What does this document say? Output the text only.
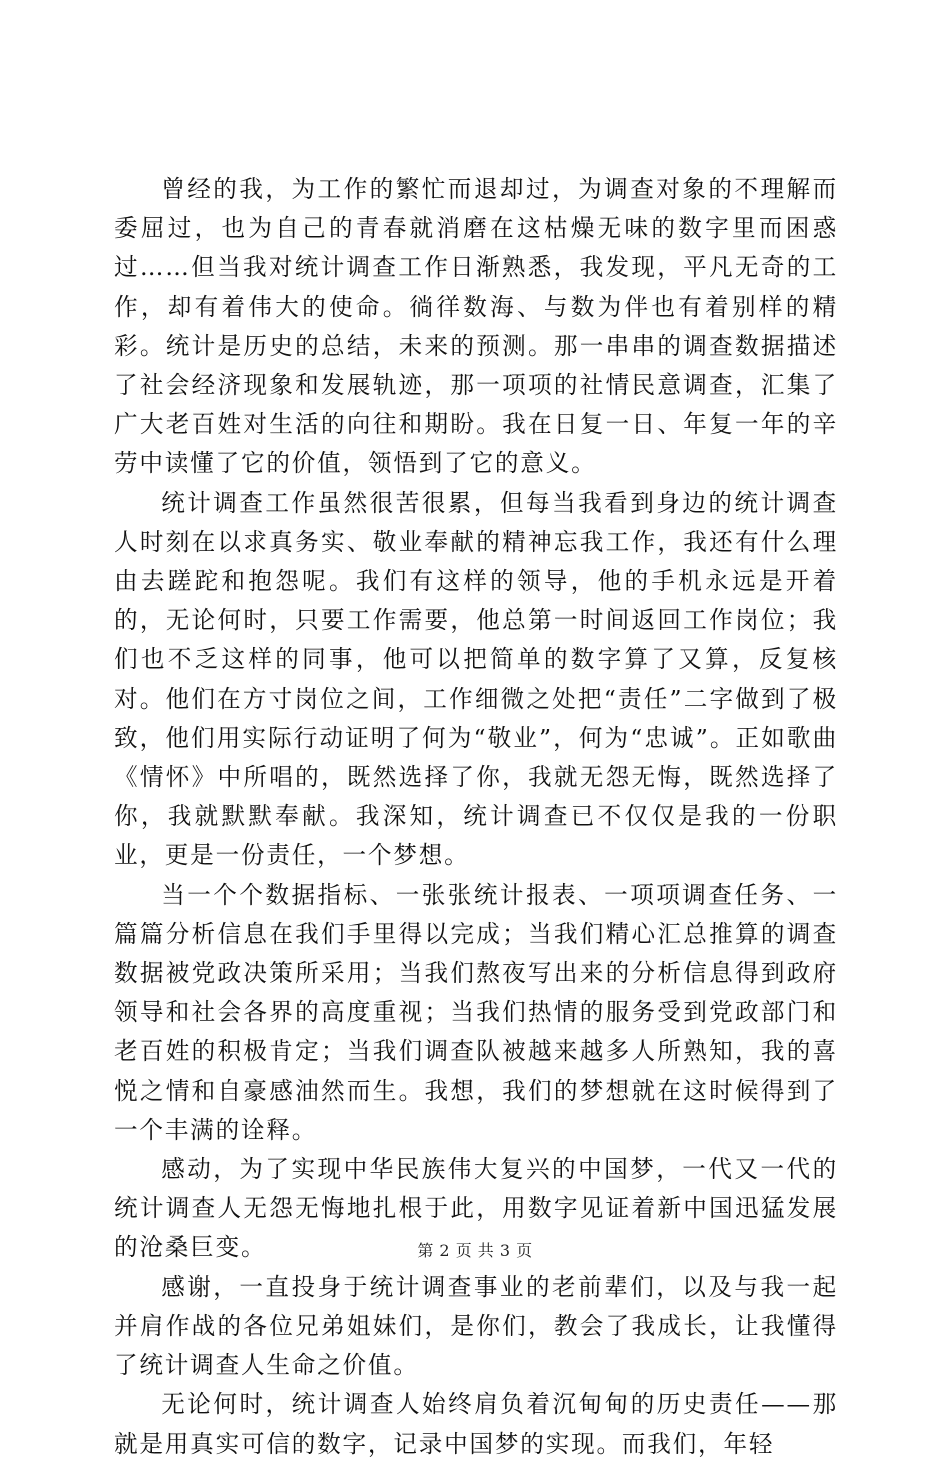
曾经的我，为工作的繁忙而退却过，为调查对象的不理解而委屈过，也为自己的青春就消磨在这枯燥无味的数字里而困惑过……但当我对统计调查工作日渐熟悉，我发现，平凡无奇的工作，却有着伟大的使命。徜徉数海、与数为伴也有着别样的精彩。统计是历史的总结，未来的预测。那一串串的调查数据描述了社会经济现象和发展轨迹，那一项项的社情民意调查，汇集了广大老百姓对生活的向往和期盼。我在日复一日、年复一年的辛劳中读懂了它的价值，领悟到了它的意义。

统计调查工作虽然很苦很累，但每当我看到身边的统计调查人时刻在以求真务实、敬业奉献的精神忘我工作，我还有什么理由去蹉跎和抱怨呢。我们有这样的领导，他的手机永远是开着的，无论何时，只要工作需要，他总第一时间返回工作岗位；我们也不乏这样的同事，他可以把简单的数字算了又算，反复核对。他们在方寸岗位之间，工作细微之处把“责任”二字做到了极致，他们用实际行动证明了何为“敬业”，何为“忠诚”。正如歌曲《情怀》中所唱的，既然选择了你，我就无怨无悔，既然选择了你，我就默默奉献。我深知，统计调查已不仅仅是我的一份职业，更是一份责任，一个梦想。

当一个个数据指标、一张张统计报表、一项项调查任务、一篇篇分析信息在我们手里得以完成；当我们精心汇总推算的调查数据被党政决策所采用；当我们熬夜写出来的分析信息得到政府领导和社会各界的高度重视；当我们热情的服务受到党政部门和老百姓的积极肯定；当我们调查队被越来越多人所熟知，我的喜悦之情和自豪感油然而生。我想，我们的梦想就在这时候得到了一个丰满的诠释。

感动，为了实现中华民族伟大复兴的中国梦，一代又一代的统计调查人无怨无悔地扎根于此，用数字见证着新中国迅猛发展的沧桑巨变。

感谢，一直投身于统计调查事业的老前辈们，以及与我一起并肩作战的各位兄弟姐妹们，是你们，教会了我成长，让我懂得了统计调查人生命之价值。

无论何时，统计调查人始终肩负着沉甸甸的历史责任——那就是用真实可信的数字，记录中国梦的实现。而我们，年轻

第 2 页 共 3 页
